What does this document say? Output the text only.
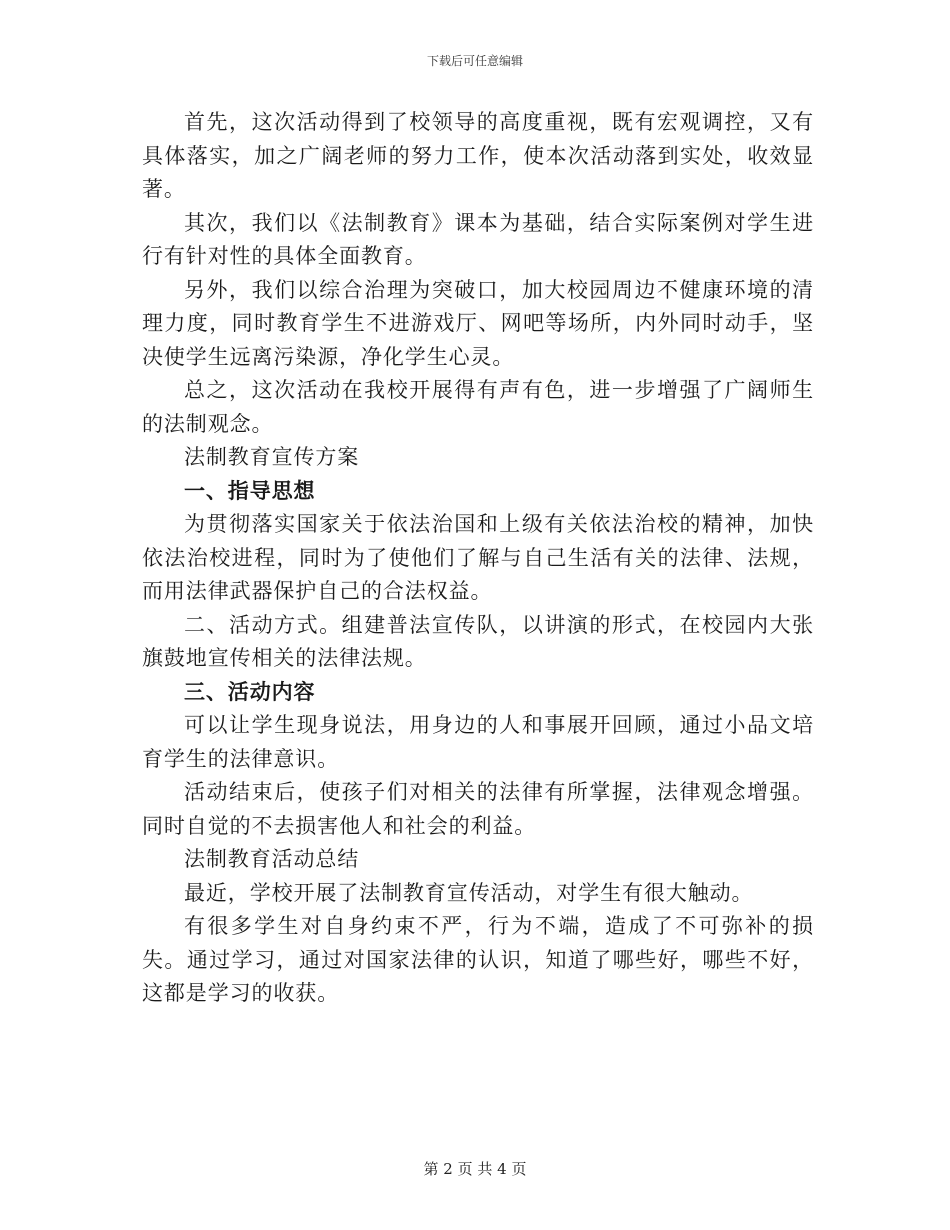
下载后可任意编辑

首先，这次活动得到了校领导的高度重视，既有宏观调控，又有具体落实，加之广阔老师的努力工作，使本次活动落到实处，收效显著。

其次，我们以《法制教育》课本为基础，结合实际案例对学生进行有针对性的具体全面教育。

另外，我们以综合治理为突破口，加大校园周边不健康环境的清理力度，同时教育学生不进游戏厅、网吧等场所，内外同时动手，坚决使学生远离污染源，净化学生心灵。

总之，这次活动在我校开展得有声有色，进一步增强了广阔师生的法制观念。

法制教育宣传方案

一、指导思想

为贯彻落实国家关于依法治国和上级有关依法治校的精神，加快依法治校进程，同时为了使他们了解与自己生活有关的法律、法规，而用法律武器保护自己的合法权益。

二、活动方式。组建普法宣传队，以讲演的形式，在校园内大张旗鼓地宣传相关的法律法规。

三、活动内容

可以让学生现身说法，用身边的人和事展开回顾，通过小品文培育学生的法律意识。

活动结束后，使孩子们对相关的法律有所掌握，法律观念增强。同时自觉的不去损害他人和社会的利益。

法制教育活动总结

最近，学校开展了法制教育宣传活动，对学生有很大触动。

有很多学生对自身约束不严，行为不端，造成了不可弥补的损失。通过学习，通过对国家法律的认识，知道了哪些好，哪些不好，这都是学习的收获。

第 2 页 共 4 页
